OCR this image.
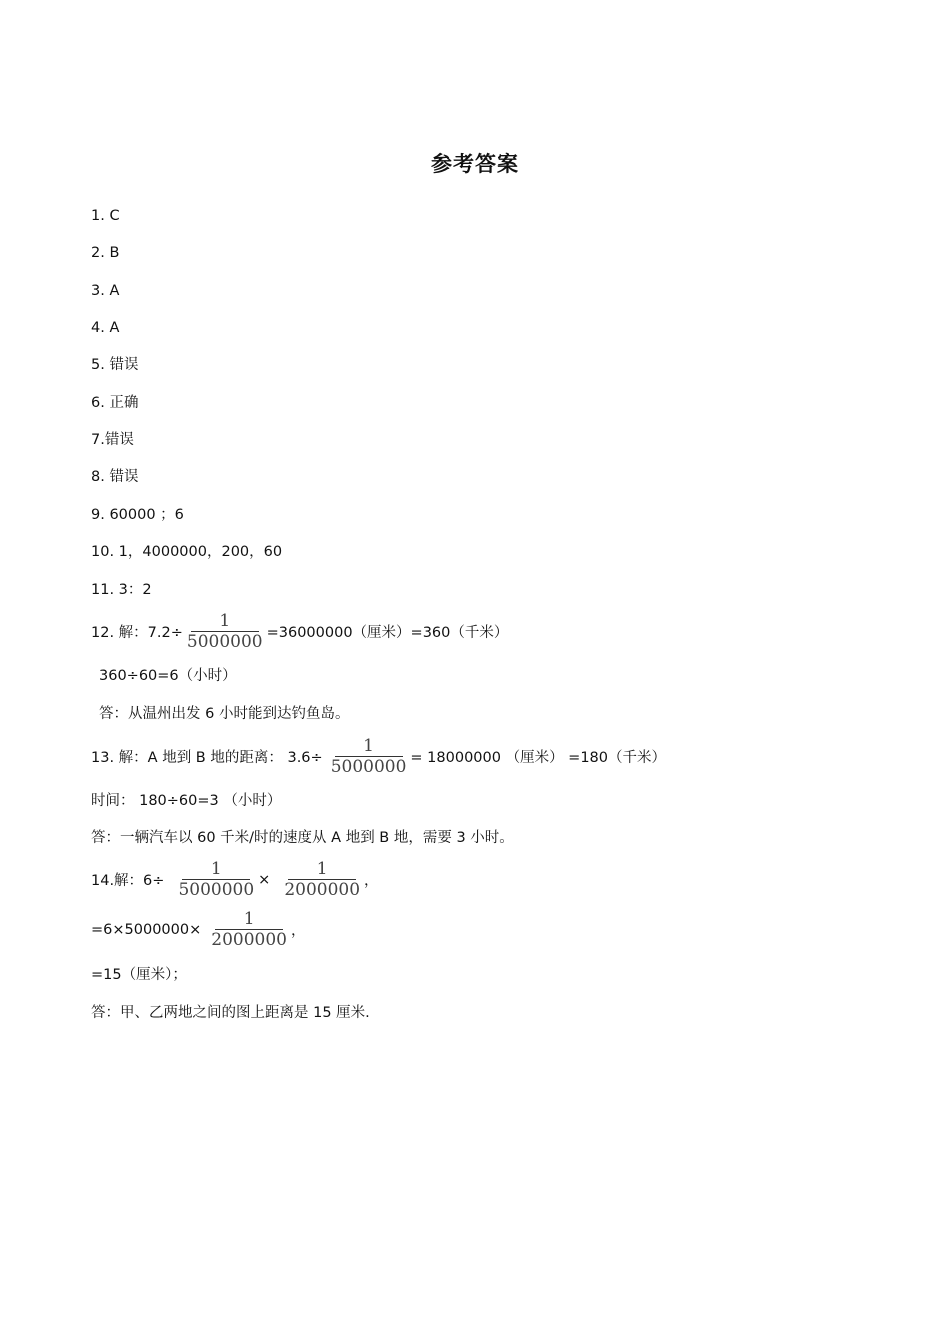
参考答案
1. C
2. B
3. A
4. A
5. 错误
6. 正确
7.错误
8. 错误
9. 60000 ；6
10. 1，4000000，200，60
11. 3：2
12. 解：$7.2\div \frac{1}{5000000} =36000000$（厘米）=360（千米）
360÷60=6（小时）
答：从温州出发 6 小时能到达钓鱼岛。
13. 解：A 地到 B 地的距离： $3.6\div \frac{1}{5000000} = 18000000$ （厘米） =180（千米）
时间： 180÷60=3 （小时）
答：一辆汽车以 60 千米/时的速度从 A 地到 B 地，需要 3 小时。
14.解：$6\div \frac{1}{5000000} \times \frac{1}{2000000}$ ，
$=6\times 5000000\times \frac{1}{2000000}$ ，
=15（厘米）；
答：甲、乙两地之间的图上距离是 15 厘米.
